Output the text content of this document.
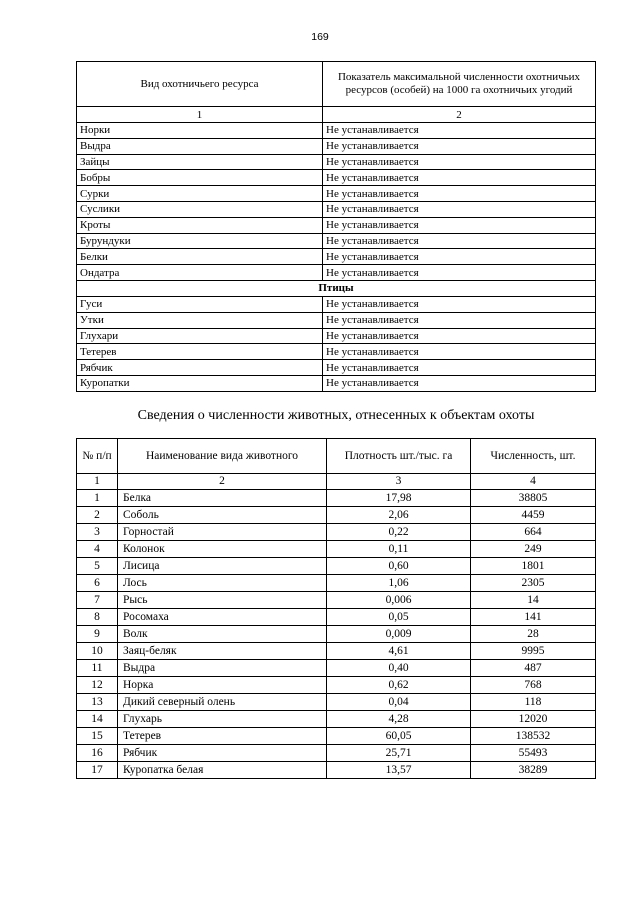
169
Вид охотничьего ресурса	Показатель максимальной численности охотничьих ресурсов (особей) на 1000 га охотничьих угодий
1	2
Норки	Не устанавливается
Выдра	Не устанавливается
Зайцы	Не устанавливается
Бобры	Не устанавливается
Сурки	Не устанавливается
Суслики	Не устанавливается
Кроты	Не устанавливается
Бурундуки	Не устанавливается
Белки	Не устанавливается
Ондатра	Не устанавливается
Птицы	
Гуси	Не устанавливается
Утки	Не устанавливается
Глухари	Не устанавливается
Тетерев	Не устанавливается
Рябчик	Не устанавливается
Куропатки	Не устанавливается
Сведения о численности животных, отнесенных к объектам охоты
№ п/п	Наименование вида животного	Плотность шт./тыс. га	Численность, шт.
1	2	3	4
1	Белка	17,98	38805
2	Соболь	2,06	4459
3	Горностай	0,22	664
4	Колонок	0,11	249
5	Лисица	0,60	1801
6	Лось	1,06	2305
7	Рысь	0,006	14
8	Росомаха	0,05	141
9	Волк	0,009	28
10	Заяц-беляк	4,61	9995
11	Выдра	0,40	487
12	Норка	0,62	768
13	Дикий северный олень	0,04	118
14	Глухарь	4,28	12020
15	Тетерев	60,05	138532
16	Рябчик	25,71	55493
17	Куропатка белая	13,57	38289
